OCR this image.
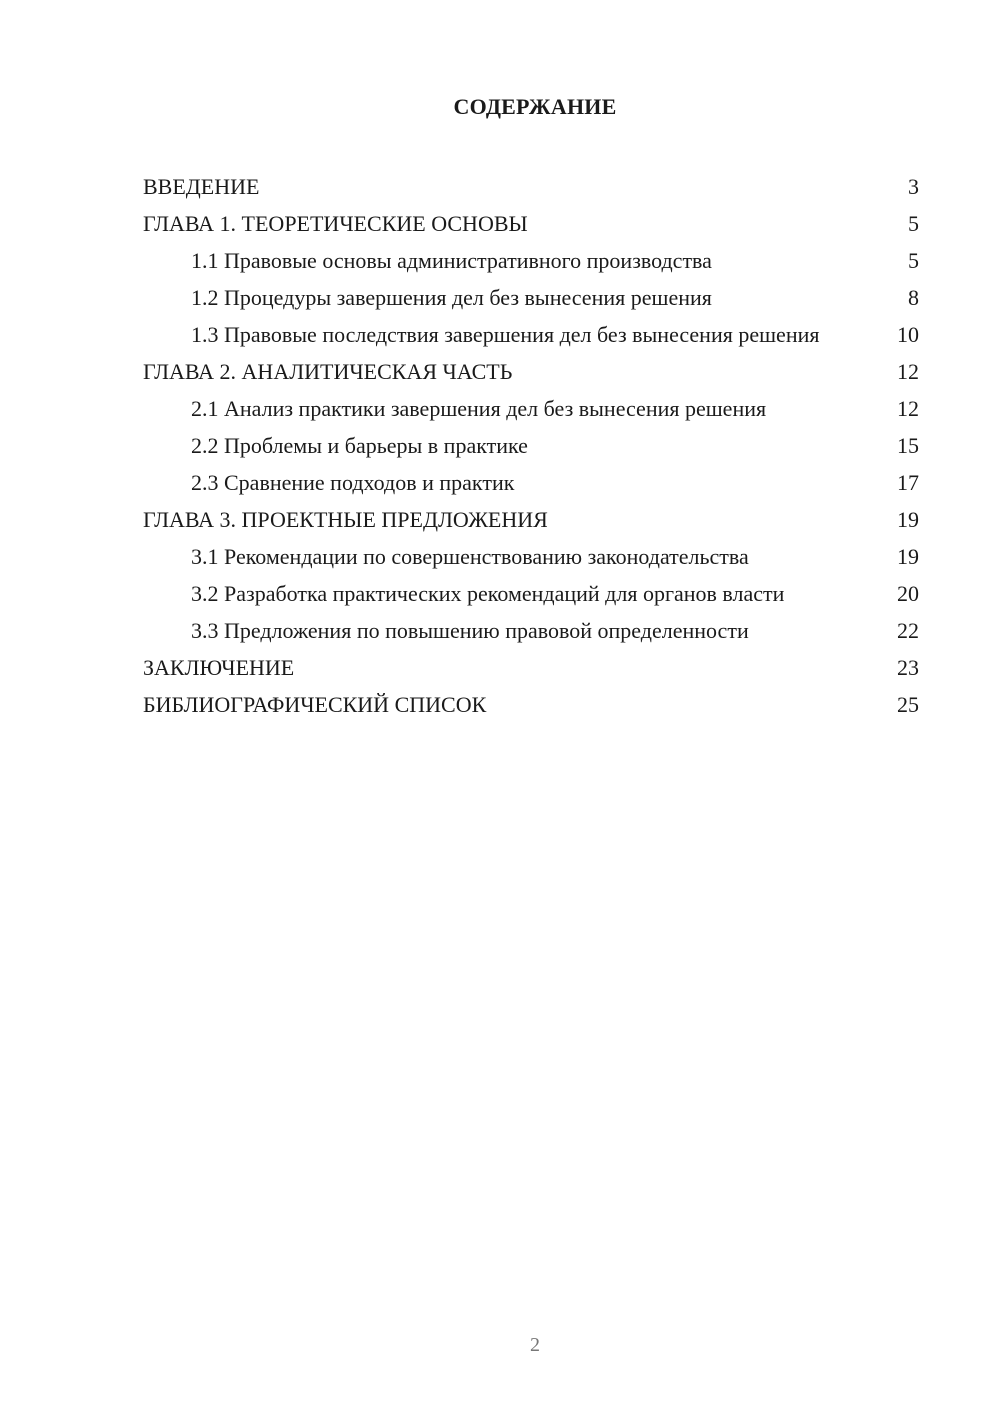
СОДЕРЖАНИЕ
ВВЕДЕНИЕ	3
ГЛАВА 1. ТЕОРЕТИЧЕСКИЕ ОСНОВЫ	5
1.1 Правовые основы административного производства	5
1.2 Процедуры завершения дел без вынесения решения	8
1.3 Правовые последствия завершения дел без вынесения решения	10
ГЛАВА 2. АНАЛИТИЧЕСКАЯ ЧАСТЬ	12
2.1 Анализ практики завершения дел без вынесения решения	12
2.2 Проблемы и барьеры в практике	15
2.3 Сравнение подходов и практик	17
ГЛАВА 3. ПРОЕКТНЫЕ ПРЕДЛОЖЕНИЯ	19
3.1 Рекомендации по совершенствованию законодательства	19
3.2 Разработка практических рекомендаций для органов власти	20
3.3 Предложения по повышению правовой определенности	22
ЗАКЛЮЧЕНИЕ	23
БИБЛИОГРАФИЧЕСКИЙ СПИСОК	25
2
